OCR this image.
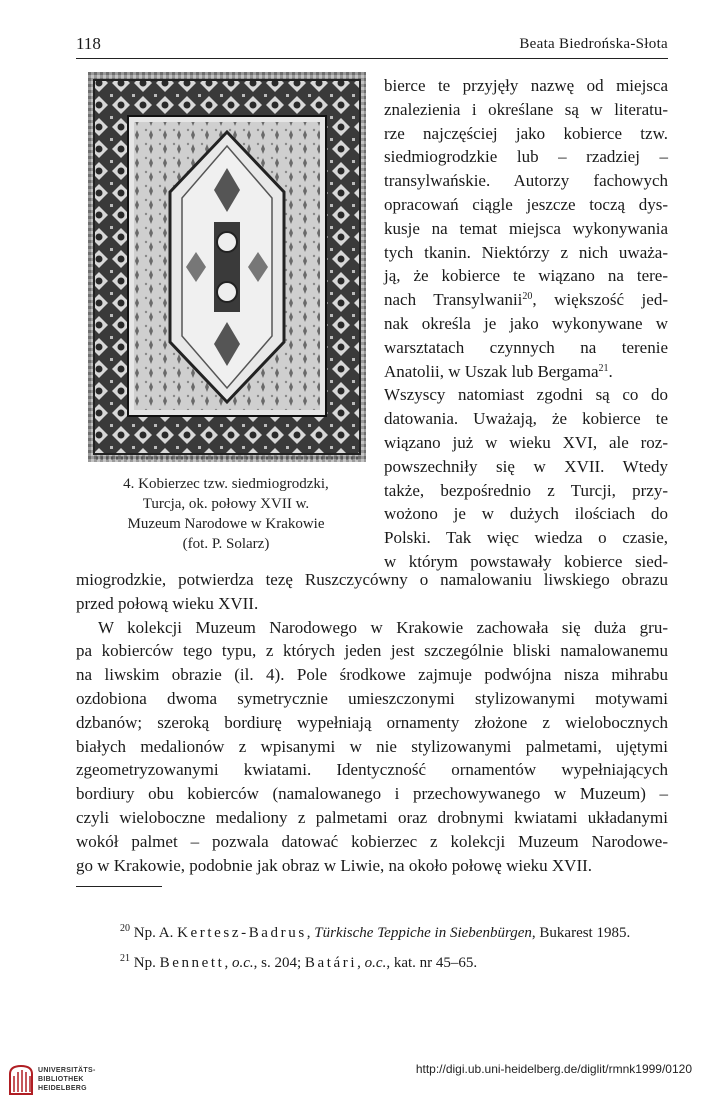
118	Beata Biedrońska-Słota
4. Kobierzec tzw. siedmiogrodzki,
Turcja, ok. połowy XVII w.
Muzeum Narodowe w Krakowie
(fot. P. Solarz)
bierce te przyjęły nazwę od miejsca
znalezienia i określane są w literatu-
rze najczęściej jako kobierce tzw.
siedmiogrodzkie lub – rzadziej –
transylwańskie. Autorzy fachowych
opracowań ciągle jeszcze toczą dys-
kusje na temat miejsca wykonywania
tych tkanin. Niektórzy z nich uważa-
ją, że kobierce te wiązano na tere-
nach Transylwanii$^{20}$, większość jed-
nak określa je jako wykonywane w
warsztatach czynnych na terenie
Anatolii, w Uszak lub Bergama$^{21}$.
Wszyscy natomiast zgodni są co do
datowania. Uważają, że kobierce te
wiązano już w wieku XVI, ale roz-
powszechniły się w XVII. Wtedy
także, bezpośrednio z Turcji, przy-
wożono je w dużych ilościach do
Polski. Tak więc wiedza o czasie,
w którym powstawały kobierce sied-
miogrodzkie, potwierdza tezę Ruszczycówny o namalowaniu liwskiego obrazu
przed połową wieku XVII.
W kolekcji Muzeum Narodowego w Krakowie zachowała się duża gru-
pa kobierców tego typu, z których jeden jest szczególnie bliski namalowanemu
na liwskim obrazie (il. 4). Pole środkowe zajmuje podwójna nisza mihrabu
ozdobiona dwoma symetrycznie umieszczonymi stylizowanymi motywami
dzbanów; szeroką bordiurę wypełniają ornamenty złożone z wielobocznych
białych medalionów z wpisanymi w nie stylizowanymi palmetami, ujętymi
zgeometryzowanymi kwiatami. Identyczność ornamentów wypełniających
bordiury obu kobierców (namalowanego i przechowywanego w Muzeum) –
czyli wieloboczne medaliony z palmetami oraz drobnymi kwiatami układanymi
wokół palmet – pozwala datować kobierzec z kolekcji Muzeum Narodowe-
go w Krakowie, podobnie jak obraz w Liwie, na około połowę wieku XVII.
$^{20}$ Np. A. Kertesz-Badrus, Türkische Teppiche in Siebenbürgen, Bukarest 1985.
$^{21}$ Np. Bennett, o.c., s. 204; Batári, o.c., kat. nr 45–65.
UNIVERSITÄTS-
BIBLIOTHEK
HEIDELBERG
http://digi.ub.uni-heidelberg.de/diglit/rmnk1999/0120
